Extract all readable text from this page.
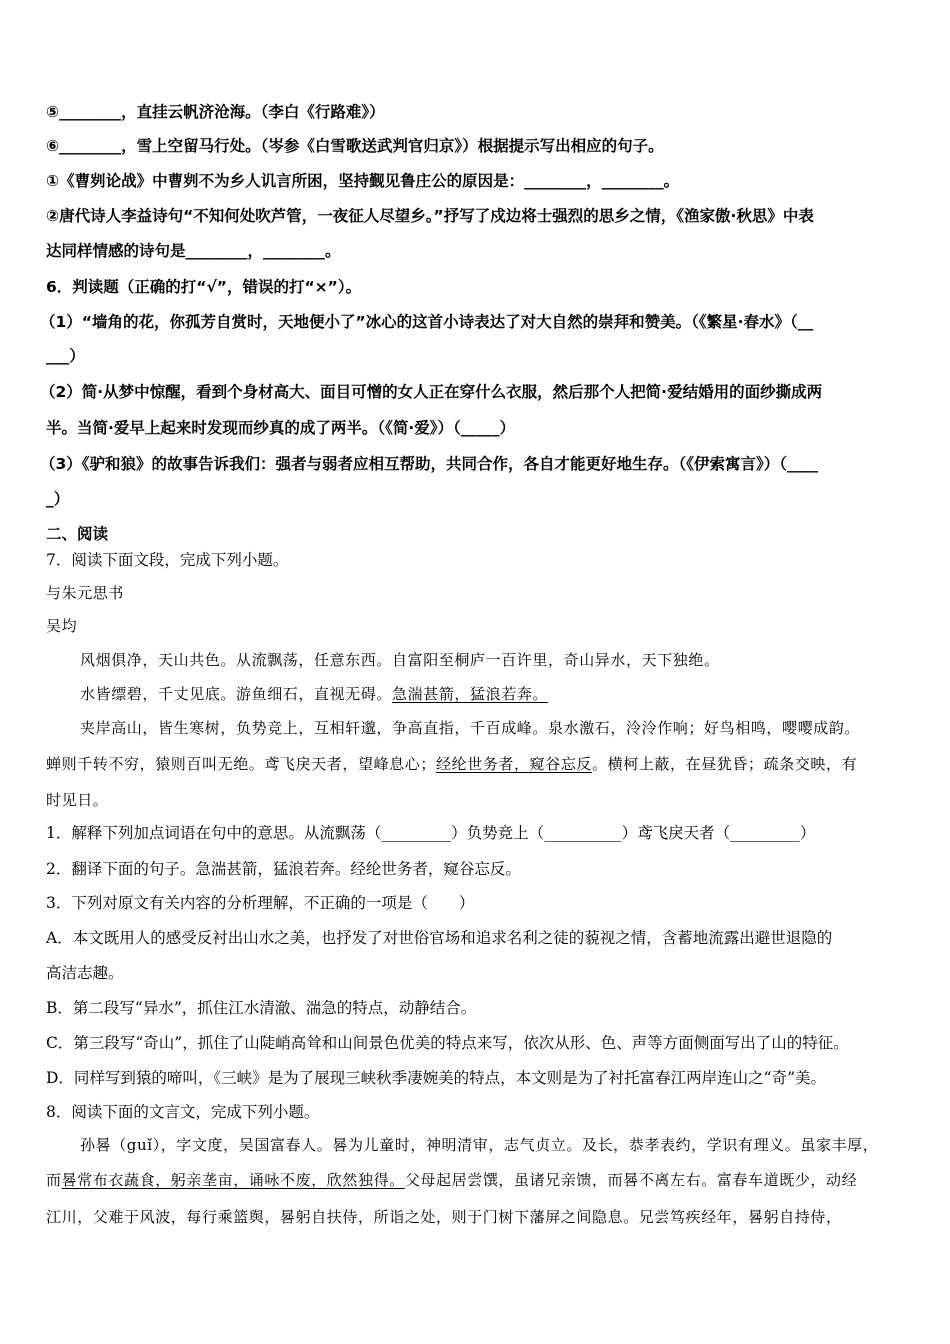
⑤________，直挂云帆济沧海。（李白《行路难》）
⑥________，雪上空留马行处。（岑参《白雪歌送武判官归京》）根据提示写出相应的句子。
①《曹刿论战》中曹刿不为乡人讥言所困，坚持觐见鲁庄公的原因是：________，________。
②唐代诗人李益诗句“不知何处吹芦管，一夜征人尽望乡。”抒写了戍边将士强烈的思乡之情，《渔家傲·秋思》中表
达同样情感的诗句是________，________。
6．判读题（正确的打“√”，错误的打“×”）。
（1）“墙角的花，你孤芳自赏时，天地便小了”冰心的这首小诗表达了对大自然的崇拜和赞美。（《繁星·春水》（__
___）
（2）简·从梦中惊醒，看到个身材高大、面目可憎的女人正在穿什么衣服，然后那个人把简·爱结婚用的面纱撕成两
半。当简·爱早上起来时发现而纱真的成了两半。（《简·爱》）（_____）
（3）《驴和狼》的故事告诉我们：强者与弱者应相互帮助，共同合作，各自才能更好地生存。（《伊索寓言》）（____
_）
二、阅读
7．阅读下面文段，完成下列小题。
与朱元思书
吴均
风烟俱净，天山共色。从流飘荡，任意东西。自富阳至桐庐一百许里，奇山异水，天下独绝。
水皆缥碧，千丈见底。游鱼细石，直视无碍。急湍甚箭，猛浪若奔。
夹岸高山，皆生寒树，负势竞上，互相轩邈，争高直指，千百成峰。泉水激石，泠泠作响；好鸟相鸣，嘤嘤成韵。
蝉则千转不穷，猿则百叫无绝。鸢飞戾天者，望峰息心；经纶世务者，窥谷忘反。横柯上蔽，在昼犹昏；疏条交映，有
时见日。
1．解释下列加点词语在句中的意思。从流飘荡（_________）负势竞上（__________）鸢飞戾天者（_________）
2．翻译下面的句子。急湍甚箭，猛浪若奔。经纶世务者，窥谷忘反。
3．下列对原文有关内容的分析理解，不正确的一项是（　　）
A．本文既用人的感受反衬出山水之美，也抒发了对世俗官场和追求名利之徒的藐视之情，含蓄地流露出避世退隐的
高洁志趣。
B．第二段写“异水”，抓住江水清澈、湍急的特点，动静结合。
C．第三段写“奇山”，抓住了山陡峭高耸和山间景色优美的特点来写，依次从形、色、声等方面侧面写出了山的特征。
D．同样写到猿的啼叫，《三峡》是为了展现三峡秋季凄婉美的特点，本文则是为了衬托富春江两岸连山之“奇”美。
8．阅读下面的文言文，完成下列小题。
孙晷（guǐ），字文度，吴国富春人。晷为儿童时，神明清审，志气贞立。及长，恭孝表约，学识有理义。虽家丰厚，
而晷常布衣蔬食，躬亲垄亩，诵咏不废，欣然独得。父母起居尝馔，虽诸兄亲馈，而晷不离左右。富春车道既少，动经
江川，父难于风波，每行乘篮舆，晷躬自扶侍，所诣之处，则于门树下藩屏之间隐息。兄尝笃疾经年，晷躬自持侍，
